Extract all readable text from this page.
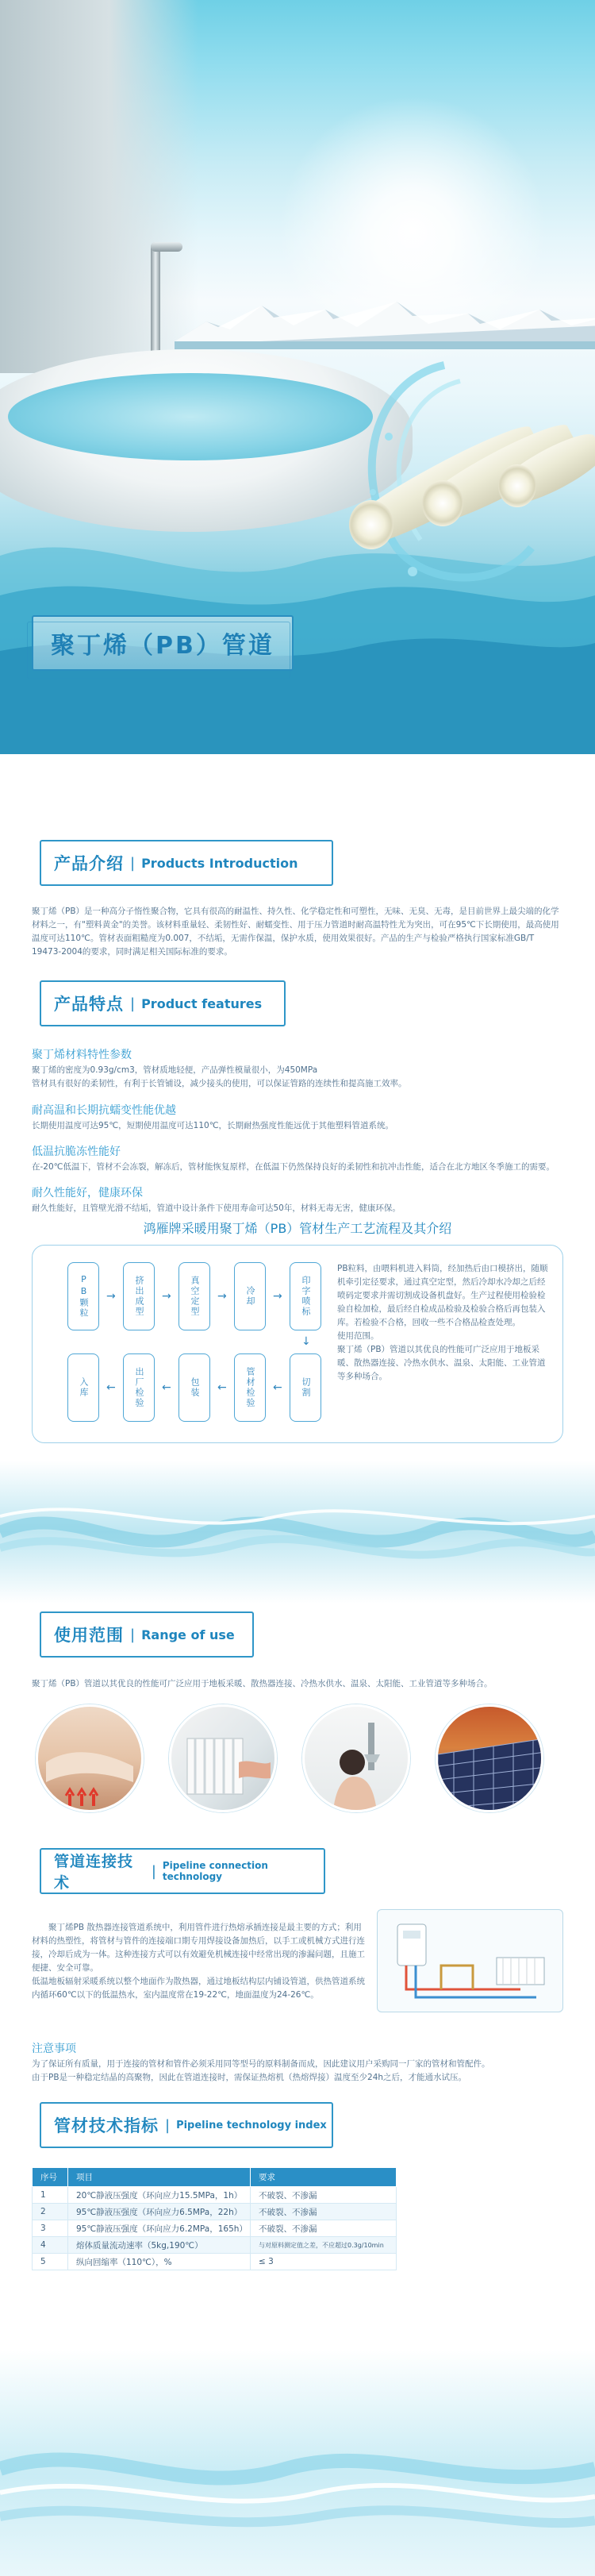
聚丁烯（PB）管道
产品介绍 | Products Introduction
聚丁烯（PB）是一种高分子惰性聚合物，它具有很高的耐温性、持久性、化学稳定性和可塑性，无味、无臭、无毒，是目前世界上最尖端的化学材料之一，有"塑料黄金"的美誉。该材料重量轻、柔韧性好、耐蠕变性、用于压力管道时耐高温特性尤为突出，可在95℃下长期使用，最高使用温度可达110℃。管材表面粗糙度为0.007，不结垢，无需作保温，保护水质，使用效果很好。产品的生产与检验严格执行国家标准GB/T 19473-2004的要求，同时满足相关国际标准的要求。
产品特点 | Product features
聚丁烯材料特性参数
聚丁烯的密度为0.93g/cm3，管材质地轻便，产品弹性模量很小，为450MPa
管材具有很好的柔韧性，有利于长管铺设，减少接头的使用，可以保证管路的连续性和提高施工效率。
耐高温和长期抗蠕变性能优越
长期使用温度可达95℃，短期使用温度可达110℃，长期耐热强度性能远优于其他塑料管道系统。
低温抗脆冻性能好
在-20℃低温下，管材不会冻裂，解冻后，管材能恢复原样，在低温下仍然保持良好的柔韧性和抗冲击性能，适合在北方地区冬季施工的需要。
耐久性能好，健康环保
耐久性能好，且管壁光滑不结垢，管道中设计条件下使用寿命可达50年，材料无毒无害，健康环保。
鸿雁牌采暖用聚丁烯（PB）管材生产工艺流程及其介绍
PB颗粒	→	挤出成型	→	真空定型	→	冷却	→	印字喷标
↓
入库	←	出厂检验	←	包装	←	管材检验	←	切割
PB粒料，由喂料机进入料筒，经加热后由口模挤出，随顺机牵引定径要求，通过真空定型，然后冷却水冷却之后经喷码定要求并需切割成设备机盘好。生产过程使用检验检验自检加检，最后经自检成品检验及检验合格后再包装入库。若检验不合格，回收一些不合格品检查处理。
使用范围。
聚丁烯（PB）管道以其优良的性能可广泛应用于地板采暖、散热器连接、冷热水供水、温泉、太阳能、工业管道等多种场合。
使用范围 | Range of use
聚丁烯（PB）管道以其优良的性能可广泛应用于地板采暖、散热器连接、冷热水供水、温泉、太阳能、工业管道等多种场合。
管道连接技术
| Pipeline connection technology
聚丁烯PB 散热器连接管道系统中，利用管件进行热熔承插连接是最主要的方式；利用材料的热塑性，将管材与管件的连接端口期专用焊接设备加热后，以手工或机械方式进行连接，冷却后成为一体。这种连接方式可以有效避免机械连接中经常出现的渗漏问题，且施工便捷、安全可靠。
低温地板辐射采暖系统以整个地面作为散热器，通过地板结构层内铺设管道，供热管道系统内循环60℃以下的低温热水，室内温度常在19-22℃，地面温度为24-26℃。
注意事项
为了保证所有质量，用于连接的管材和管件必须采用同等型号的原料制备而成，因此建议用户采购同一厂家的管材和管配件。
由于PB是一种稳定结晶的高聚物，因此在管道连接时，需保证热熔机（热熔焊接）温度至少24h之后，才能通水试压。
管材技术指标 | Pipeline technology index
序号	项目	要求
1	20℃静液压强度（环向应力15.5MPa，1h）	不破裂、不渗漏
2	95℃静液压强度（环向应力6.5MPa，22h）	不破裂、不渗漏
3	95℃静液压强度（环向应力6.2MPa，165h）	不破裂、不渗漏
4	熔体质量流动速率（5kg,190℃）	与对原料测定值之差，不应超过0.3g/10min
5	纵向回缩率（110℃），%	≤ 3
